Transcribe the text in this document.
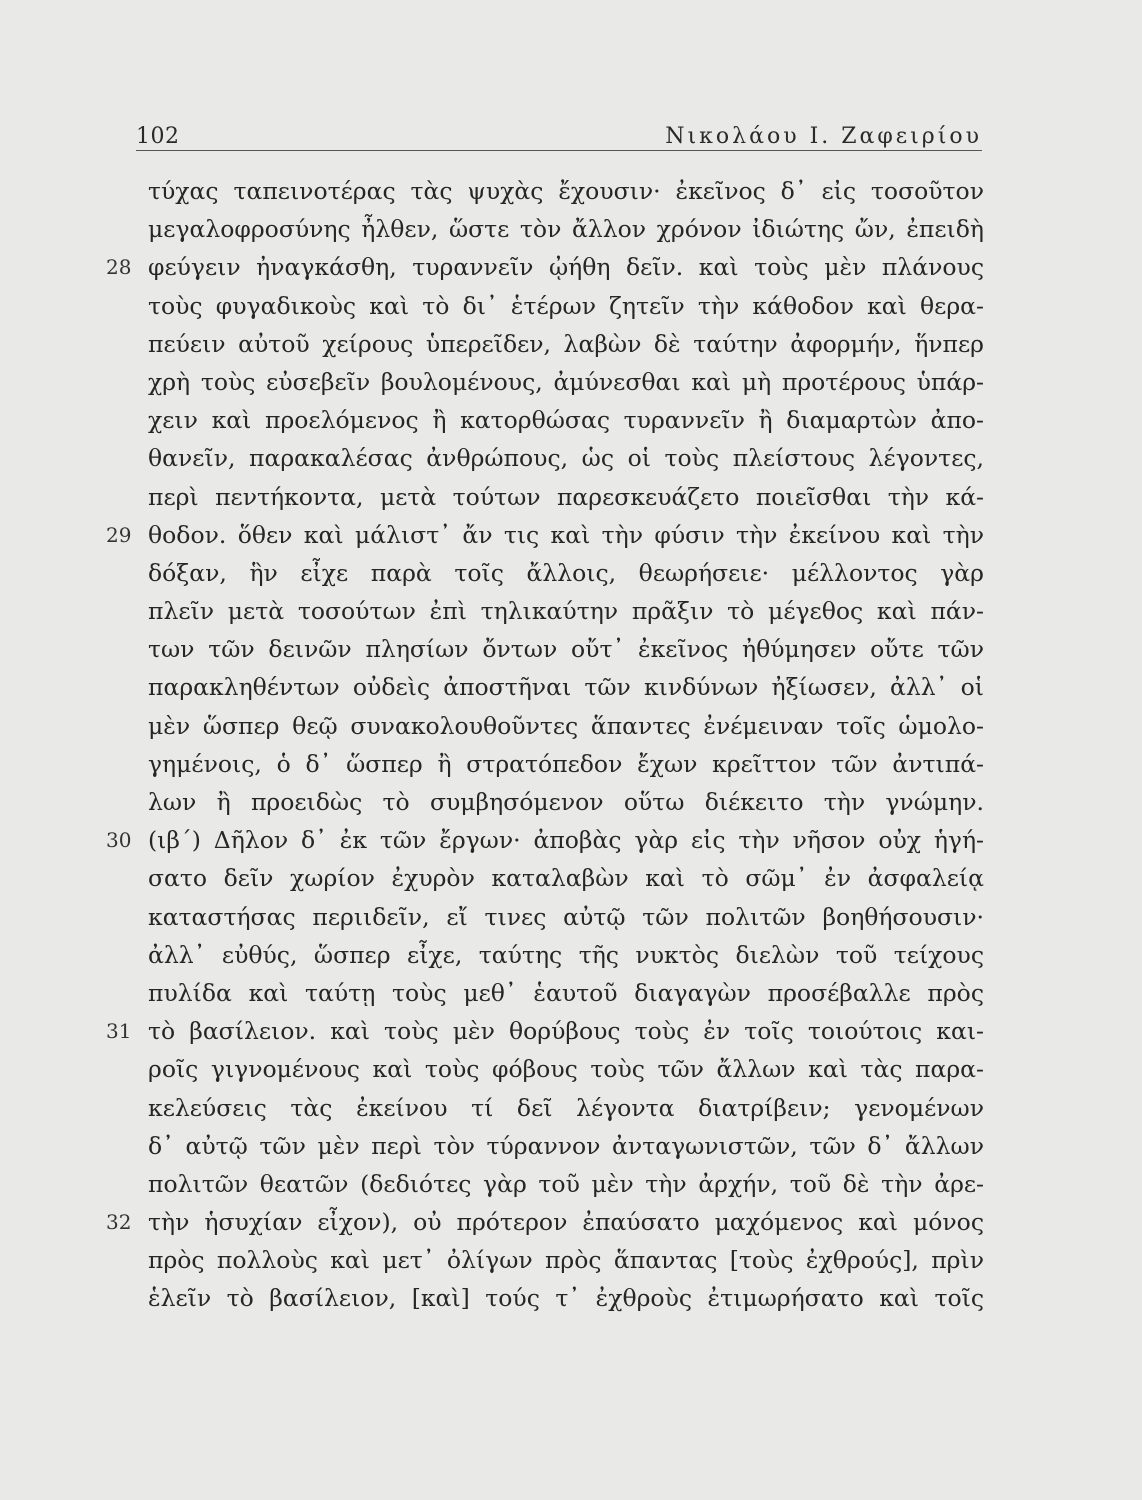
102	Νικολάου Ι. Ζαφειρίου
τύχας ταπεινοτέρας τὰς ψυχὰς ἔχουσιν· ἐκεῖνος δ᾽ εἰς τοσοῦτον
μεγαλοφροσύνης ἦλθεν, ὥστε τὸν ἄλλον χρόνον ἰδιώτης ὤν, ἐπειδὴ
28 φεύγειν ἠναγκάσθη, τυραννεῖν ᾠήθη δεῖν. καὶ τοὺς μὲν πλάνους
τοὺς φυγαδικοὺς καὶ τὸ δι᾽ ἑτέρων ζητεῖν τὴν κάθοδον καὶ θερα-
πεύειν αὐτοῦ χείρους ὑπερεῖδεν, λαβὼν δὲ ταύτην ἀφορμήν, ἥνπερ
χρὴ τοὺς εὐσεβεῖν βουλομένους, ἀμύνεσθαι καὶ μὴ προτέρους ὑπάρ-
χειν καὶ προελόμενος ἢ κατορθώσας τυραννεῖν ἢ διαμαρτὼν ἀπο-
θανεῖν, παρακαλέσας ἀνθρώπους, ὡς οἱ τοὺς πλείστους λέγοντες,
περὶ πεντήκοντα, μετὰ τούτων παρεσκευάζετο ποιεῖσθαι τὴν κά-
29 θοδον. ὅθεν καὶ μάλιστ᾽ ἄν τις καὶ τὴν φύσιν τὴν ἐκείνου καὶ τὴν
δόξαν, ἣν εἶχε παρὰ τοῖς ἄλλοις, θεωρήσειε· μέλλοντος γὰρ
πλεῖν μετὰ τοσούτων ἐπὶ τηλικαύτην πρᾶξιν τὸ μέγεθος καὶ πάν-
των τῶν δεινῶν πλησίων ὄντων οὔτ᾽ ἐκεῖνος ἠθύμησεν οὔτε τῶν
παρακληθέντων οὐδεὶς ἀποστῆναι τῶν κινδύνων ἠξίωσεν, ἀλλ᾽ οἱ
μὲν ὥσπερ θεῷ συνακολουθοῦντες ἅπαντες ἐνέμειναν τοῖς ὡμολο-
γημένοις, ὁ δ᾽ ὥσπερ ἢ στρατόπεδον ἔχων κρεῖττον τῶν ἀντιπά-
λων ἢ προειδὼς τὸ συμβησόμενον οὕτω διέκειτο τὴν γνώμην.
30 (ιβ´) Δῆλον δ᾽ ἐκ τῶν ἔργων· ἀποβὰς γὰρ εἰς τὴν νῆσον οὐχ ἡγή-
σατο δεῖν χωρίον ἐχυρὸν καταλαβὼν καὶ τὸ σῶμ᾽ ἐν ἀσφαλείᾳ
καταστήσας περιιδεῖν, εἴ τινες αὐτῷ τῶν πολιτῶν βοηθήσουσιν·
ἀλλ᾽ εὐθύς, ὥσπερ εἶχε, ταύτης τῆς νυκτὸς διελὼν τοῦ τείχους
πυλίδα καὶ ταύτῃ τοὺς μεθ᾽ ἑαυτοῦ διαγαγὼν προσέβαλλε πρὸς
31 τὸ βασίλειον. καὶ τοὺς μὲν θορύβους τοὺς ἐν τοῖς τοιούτοις και-
ροῖς γιγνομένους καὶ τοὺς φόβους τοὺς τῶν ἄλλων καὶ τὰς παρα-
κελεύσεις τὰς ἐκείνου τί δεῖ λέγοντα διατρίβειν; γενομένων
δ᾽ αὐτῷ τῶν μὲν περὶ τὸν τύραννον ἀνταγωνιστῶν, τῶν δ᾽ ἄλλων
πολιτῶν θεατῶν (δεδιότες γὰρ τοῦ μὲν τὴν ἀρχήν, τοῦ δὲ τὴν ἀρε-
32 τὴν ἡσυχίαν εἶχον), οὐ πρότερον ἐπαύσατο μαχόμενος καὶ μόνος
πρὸς πολλοὺς καὶ μετ᾽ ὀλίγων πρὸς ἅπαντας [τοὺς ἐχθρούς], πρὶν
ἑλεῖν τὸ βασίλειον, [καὶ] τούς τ᾽ ἐχθροὺς ἐτιμωρήσατο καὶ τοῖς
